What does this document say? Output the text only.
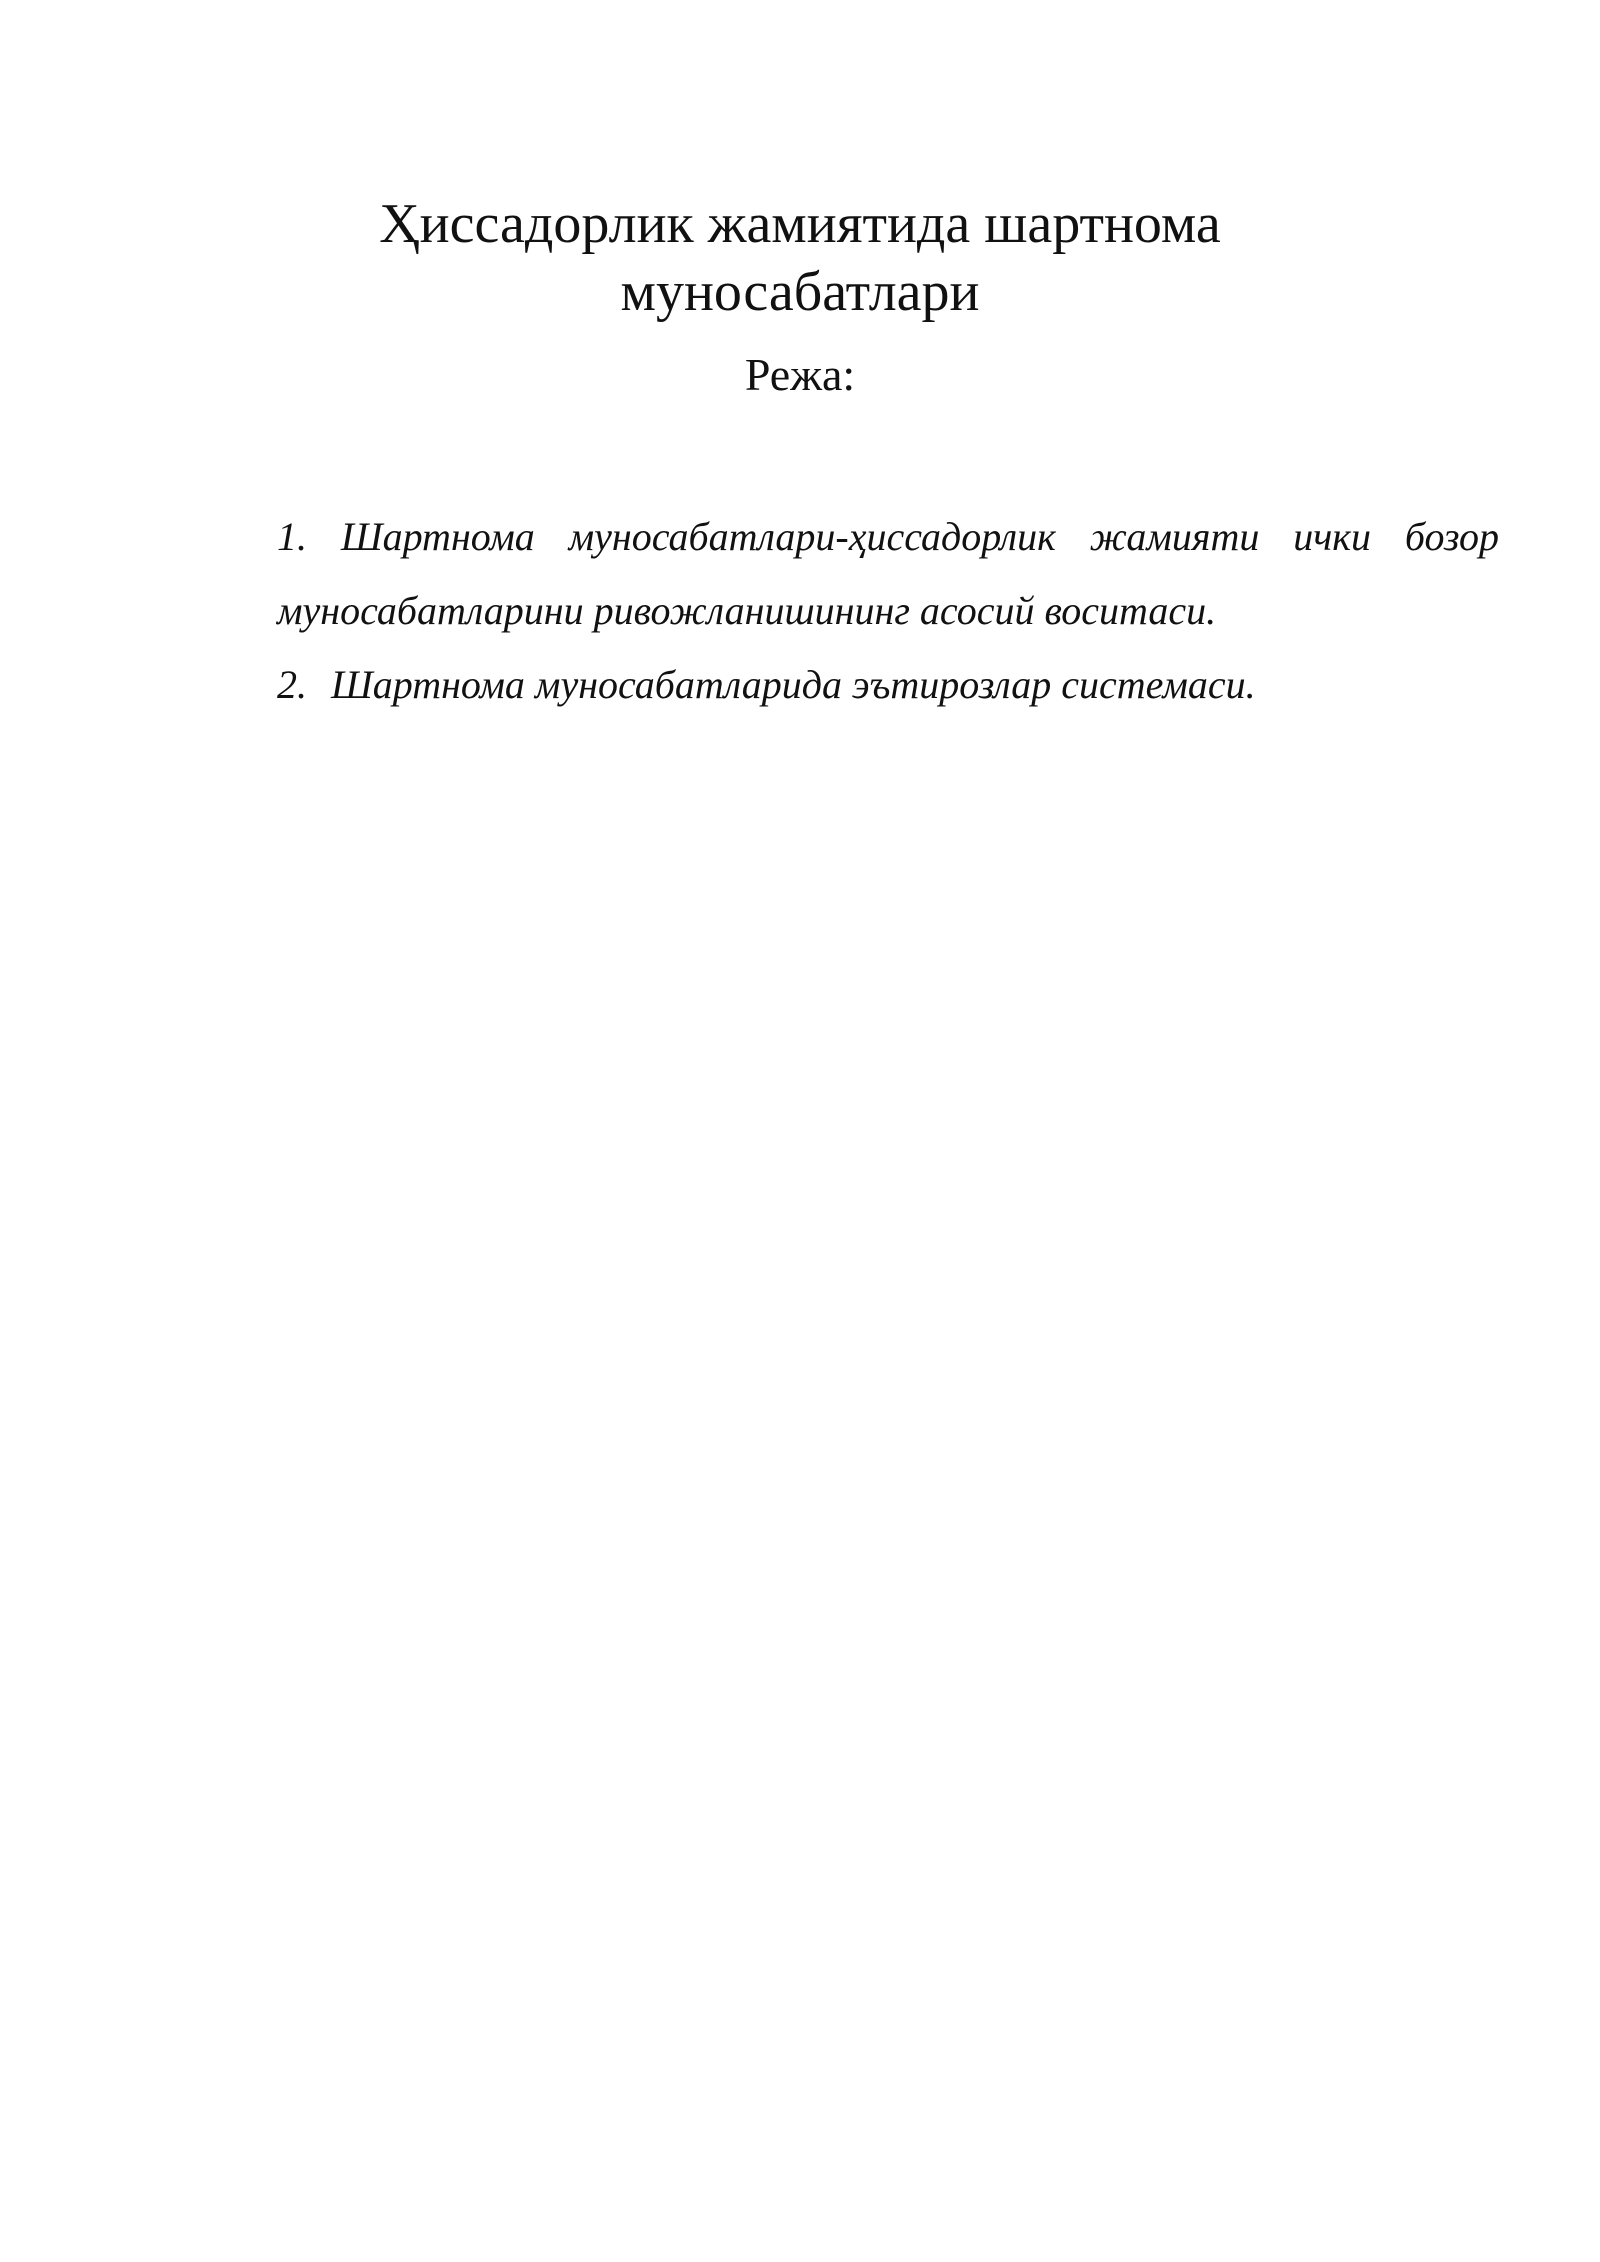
Ҳиссадорлик жамиятида шартнома
муносабатлари
Режа:
1. Шартнома муносабатлари-ҳиссадорлик жамияти ички бозор муносабатларини ривожланишининг асосий воситаси.
2. Шартнома муносабатларида эътирозлар системаси.
